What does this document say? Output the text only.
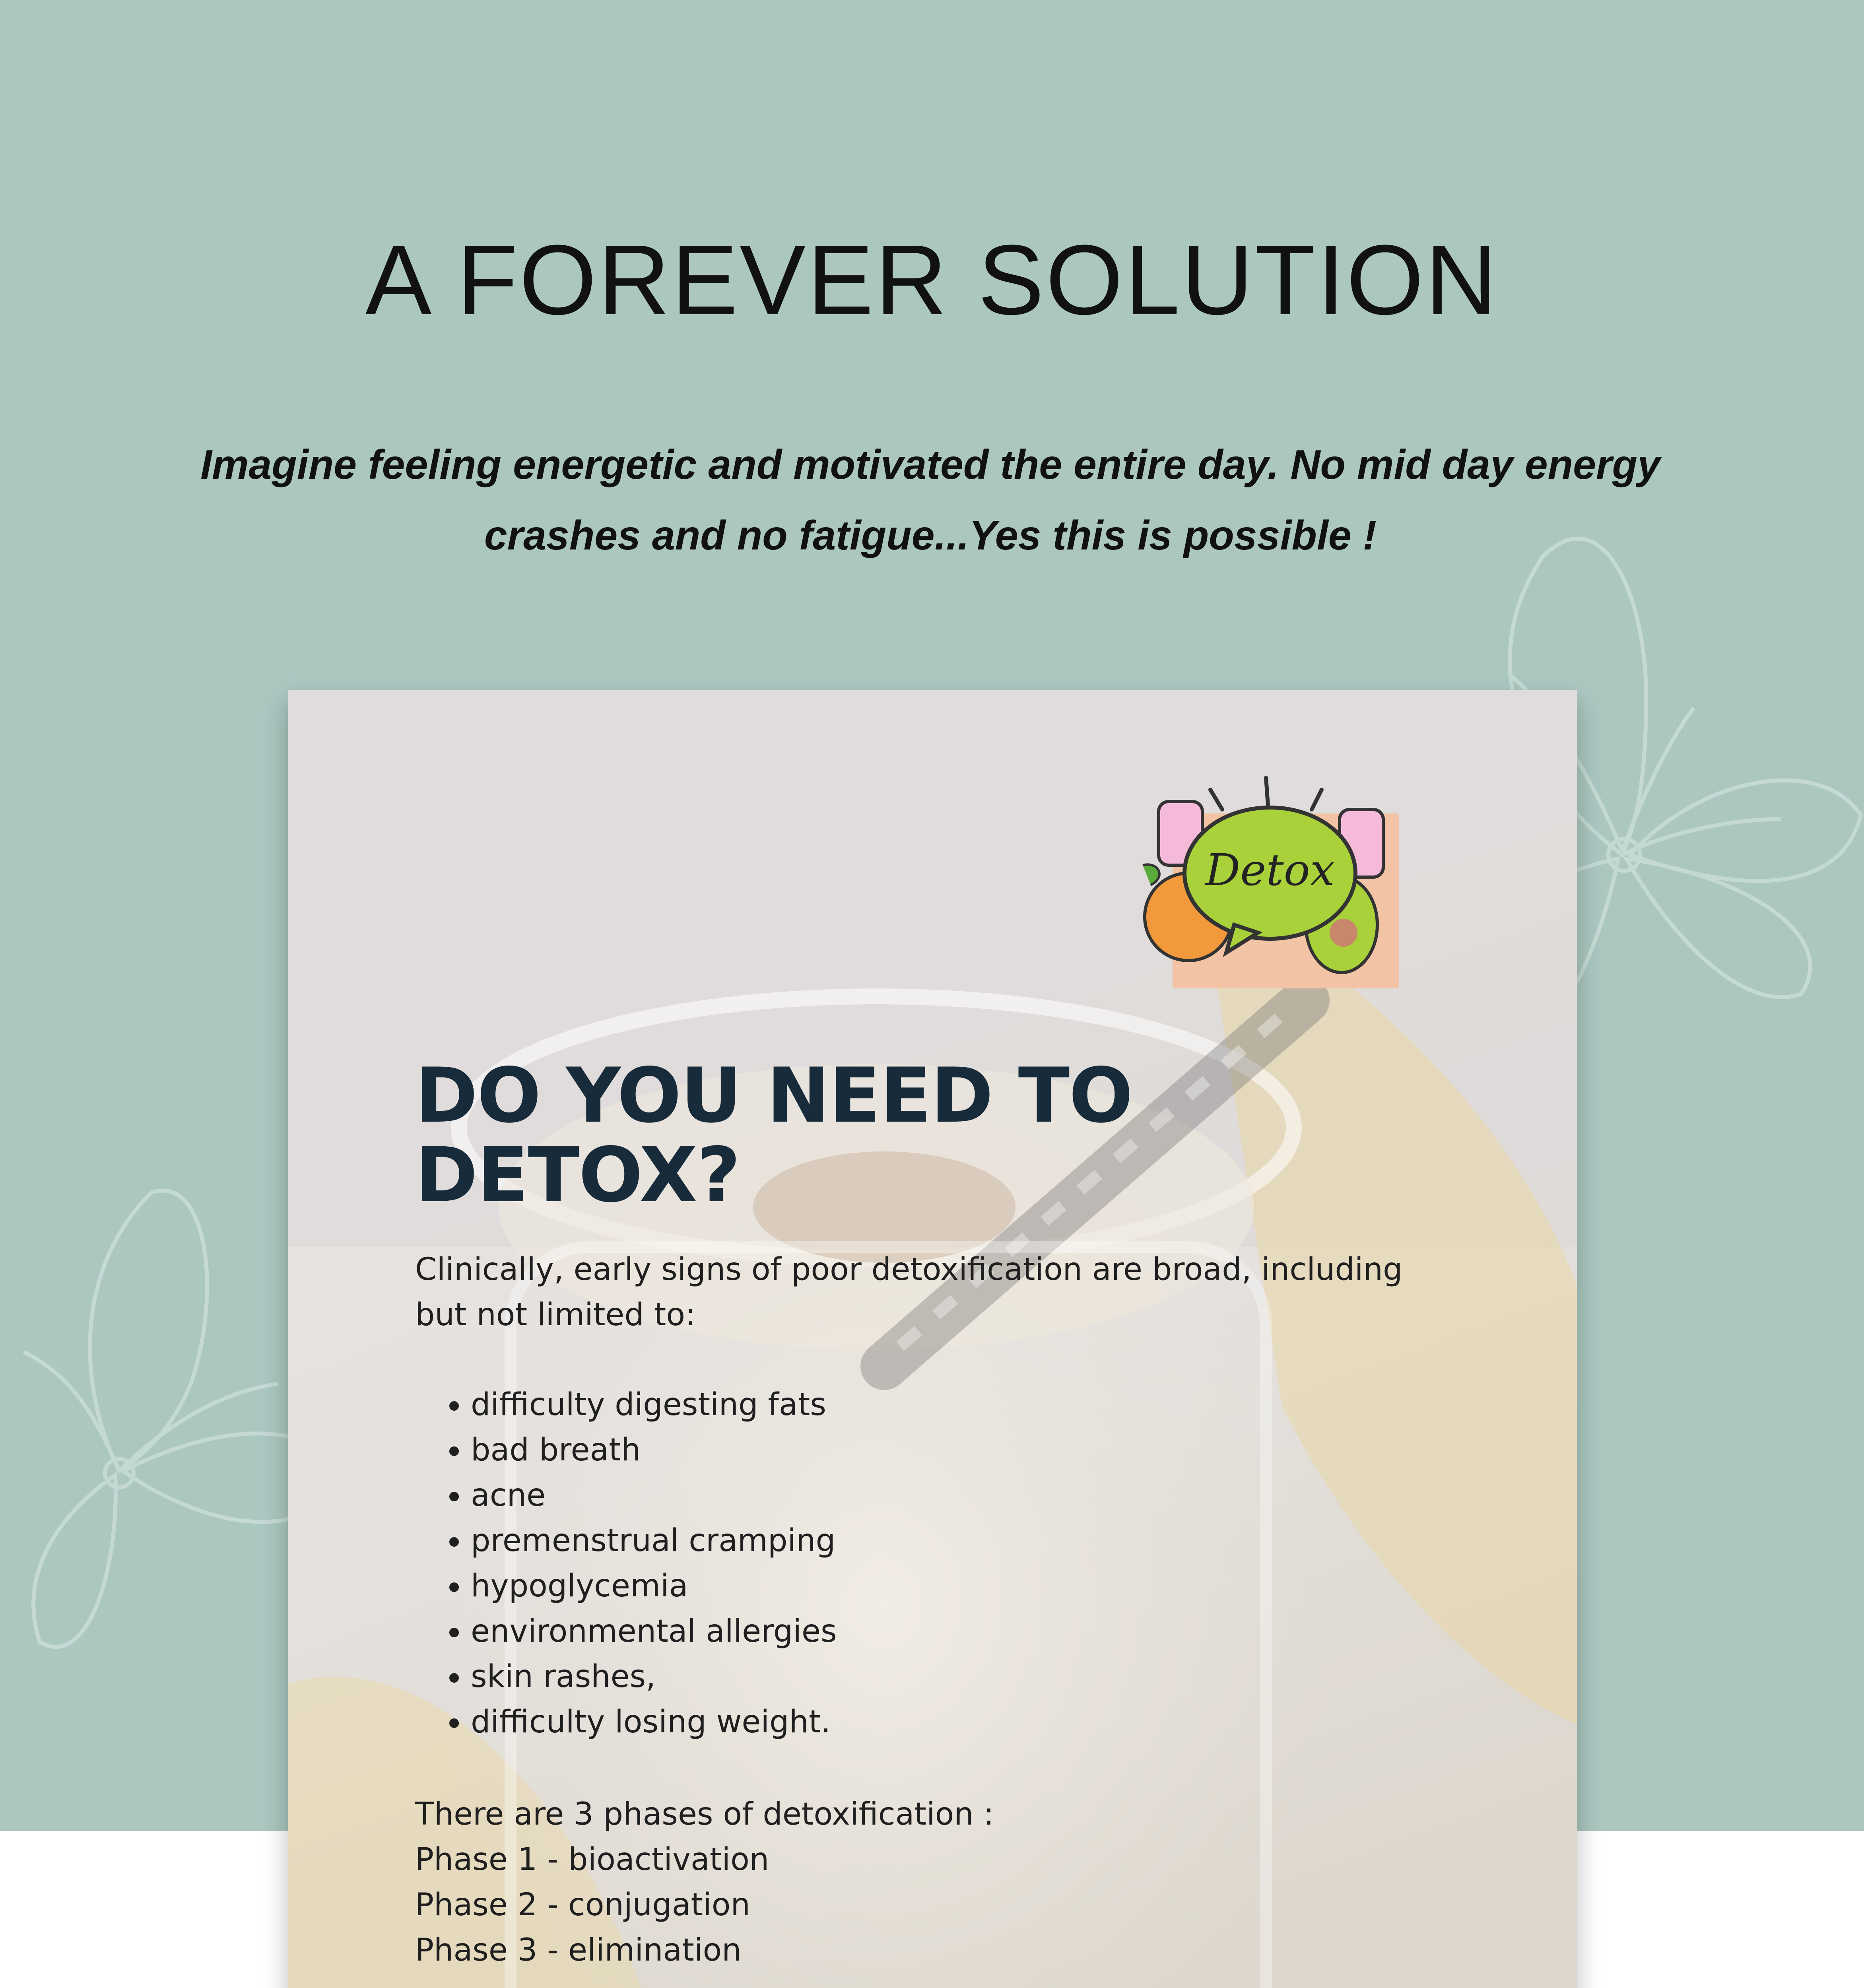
A FOREVER SOLUTION

Imagine feeling energetic and motivated the entire day. No mid day energy crashes and no fatigue...Yes this is possible !

Detox
DO YOU NEED TO
DETOX?

Clinically, early signs of poor detoxification are broad, including but not limited to:

• difficulty digesting fats
• bad breath
• acne
• premenstrual cramping
• hypoglycemia
• environmental allergies
• skin rashes,
• difficulty losing weight.
There are 3 phases of detoxification :
Phase 1 - bioactivation
Phase 2 - conjugation
Phase 3 - elimination
